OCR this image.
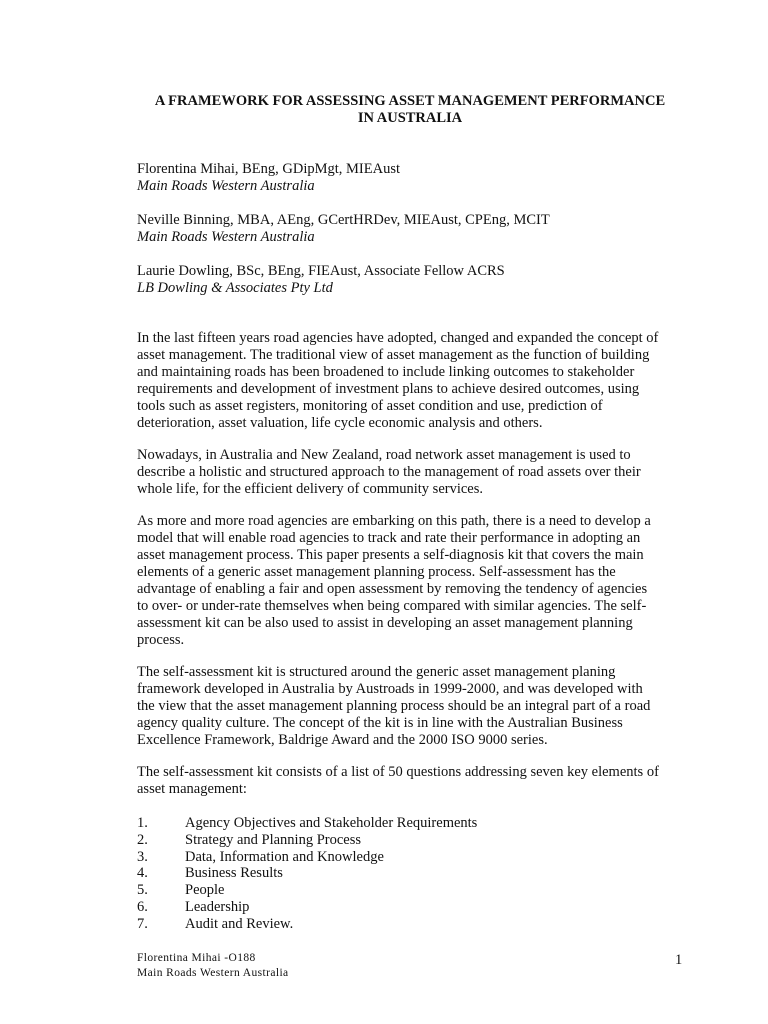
A FRAMEWORK FOR ASSESSING ASSET MANAGEMENT PERFORMANCE
IN AUSTRALIA

Florentina Mihai, BEng, GDipMgt, MIEAust

Main Roads Western Australia

Neville Binning, MBA, AEng, GCertHRDev, MIEAust, CPEng, MCIT

Main Roads Western Australia

Laurie Dowling, BSc, BEng, FIEAust, Associate Fellow ACRS

LB Dowling & Associates Pty Ltd

In the last fifteen years road agencies have adopted, changed and expanded the concept of
asset management. The traditional view of asset management as the function of building
and maintaining roads has been broadened to include linking outcomes to stakeholder
requirements and development of investment plans to achieve desired outcomes, using
tools such as asset registers, monitoring of asset condition and use, prediction of
deterioration, asset valuation, life cycle economic analysis and others.

Nowadays, in Australia and New Zealand, road network asset management is used to
describe a holistic and structured approach to the management of road assets over their
whole life, for the efficient delivery of community services.

As more and more road agencies are embarking on this path, there is a need to develop a
model that will enable road agencies to track and rate their performance in adopting an
asset management process. This paper presents a self-diagnosis kit that covers the main
elements of a generic asset management planning process. Self-assessment has the
advantage of enabling a fair and open assessment by removing the tendency of agencies
to over- or under-rate themselves when being compared with similar agencies. The self-
assessment kit can be also used to assist in developing an asset management planning
process.

The self-assessment kit is structured around the generic asset management planing
framework developed in Australia by Austroads in 1999-2000, and was developed with
the view that the asset management planning process should be an integral part of a road
agency quality culture. The concept of the kit is in line with the Australian Business
Excellence Framework, Baldrige Award and the 2000 ISO 9000 series.

The self-assessment kit consists of a list of 50 questions addressing seven key elements of
asset management:

1.	Agency Objectives and Stakeholder Requirements
2.	Strategy and Planning Process
3.	Data, Information and Knowledge
4.	Business Results
5.	People
6.	Leadership
7.	Audit and Review.

Florentina Mihai -O188

Main Roads Western Australia

1
